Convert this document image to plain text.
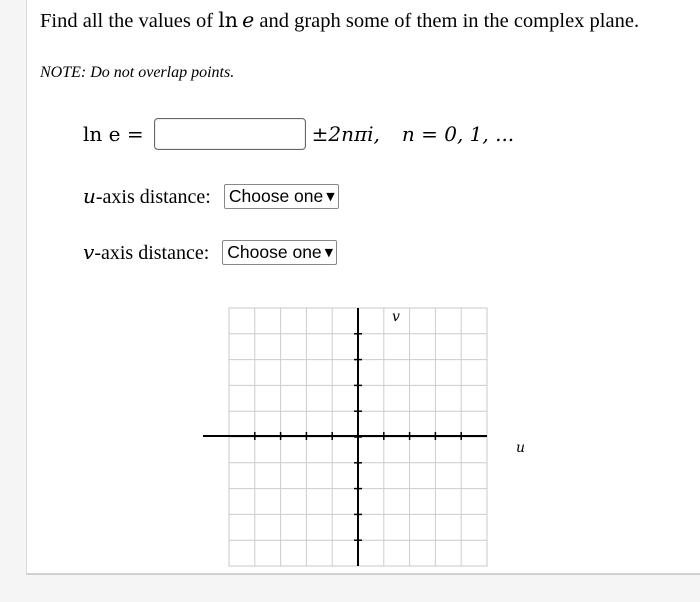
Find all the values of ln  e and graph some of them in the complex plane.
NOTE: Do not overlap points.
ln e =	±2nπi, n = 0, 1, ...
u-axis distance: Choose one ▼
v-axis distance: Choose one ▼
v
u
